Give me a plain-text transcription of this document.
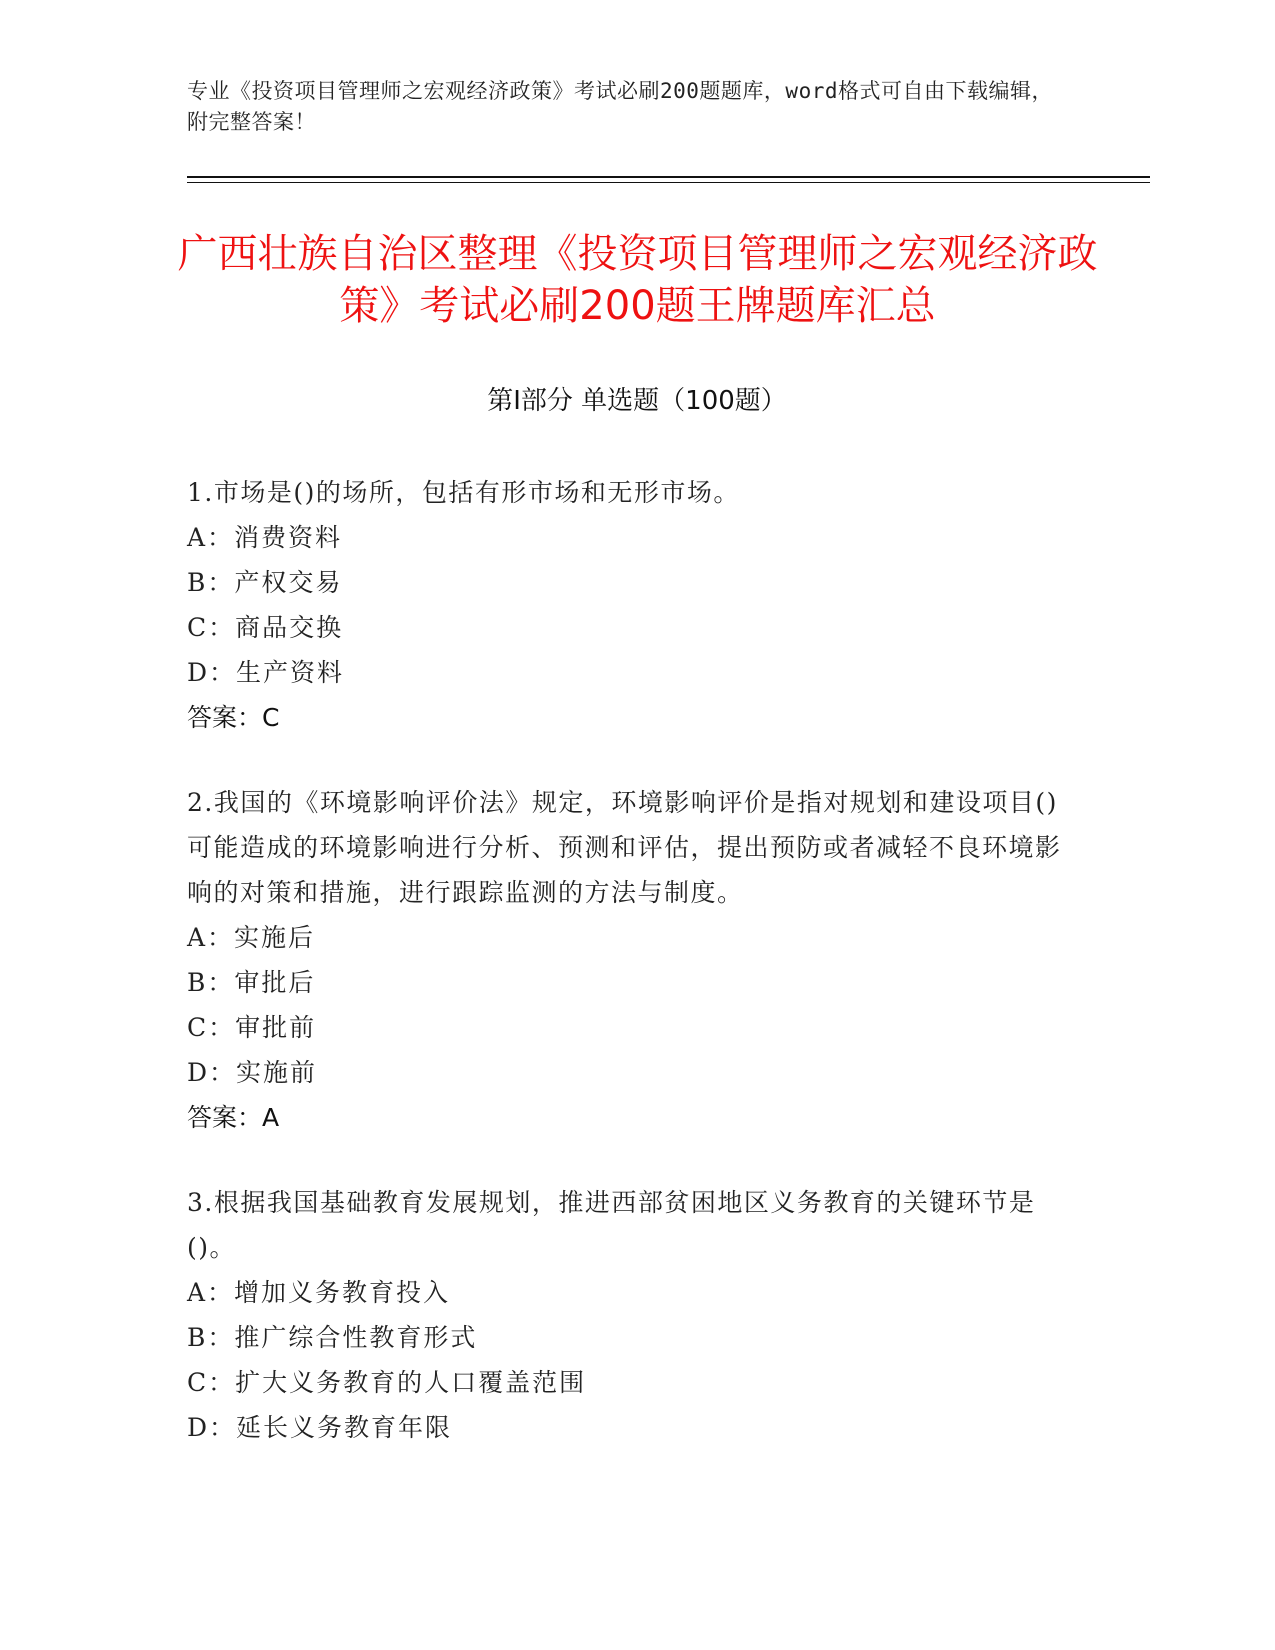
专业《投资项目管理师之宏观经济政策》考试必刷200题题库，word格式可自由下载编辑，附完整答案！
广西壮族自治区整理《投资项目管理师之宏观经济政策》考试必刷200题王牌题库汇总
第Ⅰ部分 单选题（100题）

1.市场是()的场所，包括有形市场和无形市场。

A：消费资料

B：产权交易

C：商品交换

D：生产资料

答案：C

2.我国的《环境影响评价法》规定，环境影响评价是指对规划和建设项目()可能造成的环境影响进行分析、预测和评估，提出预防或者减轻不良环境影响的对策和措施，进行跟踪监测的方法与制度。

A：实施后

B：审批后

C：审批前

D：实施前

答案：A

3.根据我国基础教育发展规划，推进西部贫困地区义务教育的关键环节是()。

A：增加义务教育投入

B：推广综合性教育形式

C：扩大义务教育的人口覆盖范围

D：延长义务教育年限
